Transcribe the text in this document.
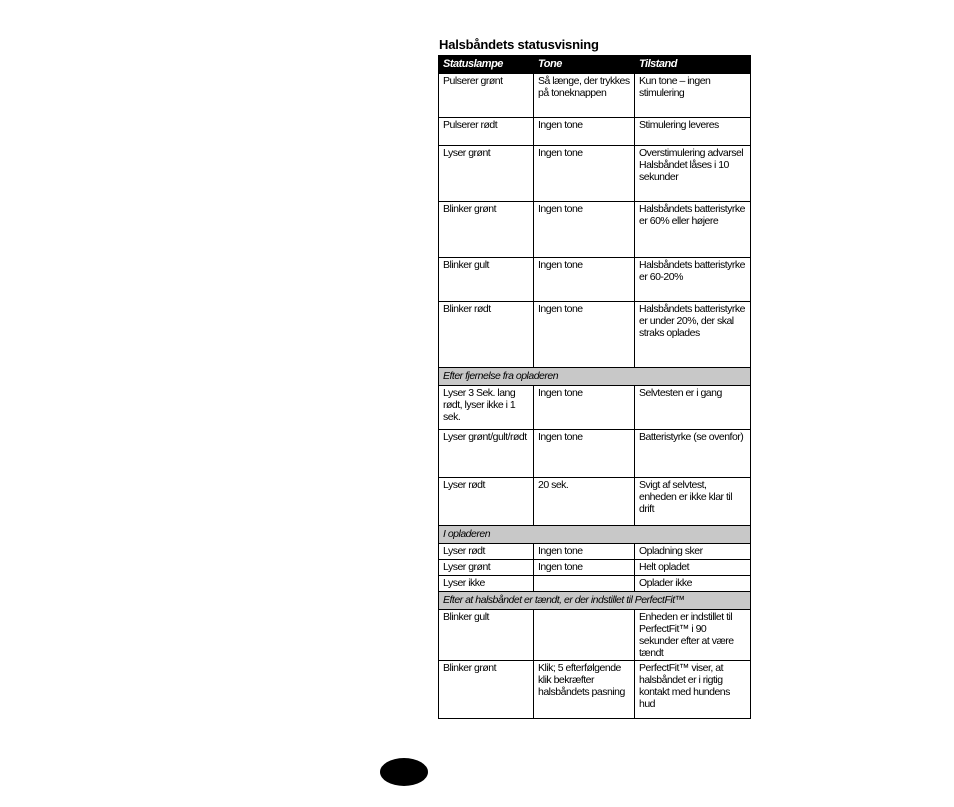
Halsbåndets statusvisning
Statuslampe	Tone	Tilstand
Pulserer grønt	Så længe, der trykkes på toneknappen	Kun tone – ingen stimulering
Pulserer rødt	Ingen tone	Stimulering leveres
Lyser grønt	Ingen tone	Overstimulering advarsel Halsbåndet låses i 10 sekunder
Blinker grønt	Ingen tone	Halsbåndets batteristyrke er 60% eller højere
Blinker gult	Ingen tone	Halsbåndets batteristyrke er 60-20%
Blinker rødt	Ingen tone	Halsbåndets batteristyrke er under 20%, der skal straks oplades
Efter fjernelse fra opladeren		
Lyser 3 Sek. lang rødt, lyser ikke i 1 sek.	Ingen tone	Selvtesten er i gang
Lyser grønt/gult/rødt	Ingen tone	Batteristyrke (se ovenfor)
Lyser rødt	20 sek.	Svigt af selvtest, enheden er ikke klar til drift
I opladeren		
Lyser rødt	Ingen tone	Opladning sker
Lyser grønt	Ingen tone	Helt opladet
Lyser ikke		Oplader ikke
Efter at halsbåndet er tændt, er der indstillet til PerfectFit™		
Blinker gult		Enheden er indstillet til PerfectFit™ i 90 sekunder efter at være tændt
Blinker grønt	Klik; 5 efterfølgende klik bekræfter halsbåndets pasning	PerfectFit™ viser, at halsbåndet er i rigtig kontakt med hundens hud
